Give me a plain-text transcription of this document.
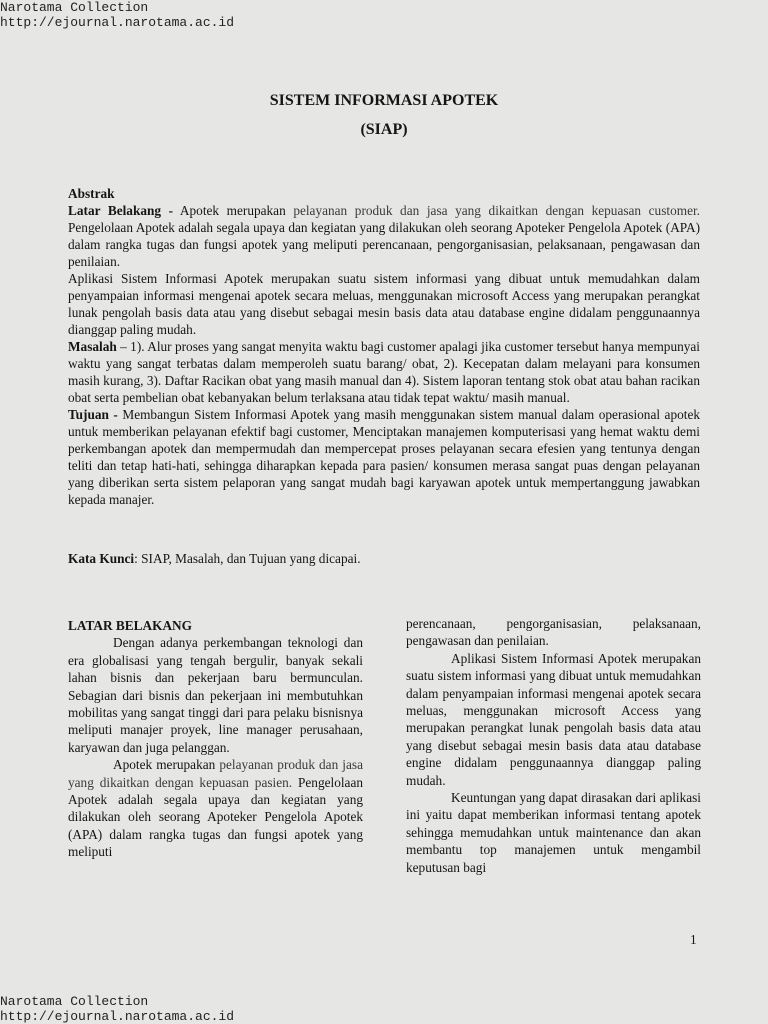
Narotama Collection
http://ejournal.narotama.ac.id
SISTEM INFORMASI APOTEK
(SIAP)

Abstrak

Latar Belakang - Apotek merupakan pelayanan produk dan jasa yang dikaitkan dengan kepuasan customer. Pengelolaan Apotek adalah segala upaya dan kegiatan yang dilakukan oleh seorang Apoteker Pengelola Apotek (APA) dalam rangka tugas dan fungsi apotek yang meliputi perencanaan, pengorganisasian, pelaksanaan, pengawasan dan penilaian.

Aplikasi Sistem Informasi Apotek merupakan suatu sistem informasi yang dibuat untuk memudahkan dalam penyampaian informasi mengenai apotek secara meluas, menggunakan microsoft Access yang merupakan perangkat lunak pengolah basis data atau yang disebut sebagai mesin basis data atau database engine didalam penggunaannya dianggap paling mudah.

Masalah – 1). Alur proses yang sangat menyita waktu bagi customer apalagi jika customer tersebut hanya mempunyai waktu yang sangat terbatas dalam memperoleh suatu barang/ obat, 2). Kecepatan dalam melayani para konsumen masih kurang, 3). Daftar Racikan obat yang masih manual dan 4). Sistem laporan tentang stok obat atau bahan racikan obat serta pembelian obat kebanyakan belum terlaksana atau tidak tepat waktu/ masih manual.

Tujuan - Membangun Sistem Informasi Apotek yang masih menggunakan sistem manual dalam operasional apotek untuk memberikan pelayanan efektif bagi customer, Menciptakan manajemen komputerisasi yang hemat waktu demi perkembangan apotek dan mempermudah dan mempercepat proses pelayanan secara efesien yang tentunya dengan teliti dan tetap hati-hati, sehingga diharapkan kepada para pasien/ konsumen merasa sangat puas dengan pelayanan yang diberikan serta sistem pelaporan yang sangat mudah bagi karyawan apotek untuk mempertanggung jawabkan kepada manajer.

Kata Kunci: SIAP, Masalah, dan Tujuan yang dicapai.

LATAR BELAKANG

Dengan adanya perkembangan teknologi dan era globalisasi yang tengah bergulir, banyak sekali lahan bisnis dan pekerjaan baru bermunculan. Sebagian dari bisnis dan pekerjaan ini membutuhkan mobilitas yang sangat tinggi dari para pelaku bisnisnya meliputi manajer proyek, line manager perusahaan, karyawan dan juga pelanggan.

Apotek merupakan pelayanan produk dan jasa yang dikaitkan dengan kepuasan pasien. Pengelolaan Apotek adalah segala upaya dan kegiatan yang dilakukan oleh seorang Apoteker Pengelola Apotek (APA) dalam rangka tugas dan fungsi apotek yang meliputi

perencanaan, pengorganisasian, pelaksanaan, pengawasan dan penilaian.

Aplikasi Sistem Informasi Apotek merupakan suatu sistem informasi yang dibuat untuk memudahkan dalam penyampaian informasi mengenai apotek secara meluas, menggunakan microsoft Access yang merupakan perangkat lunak pengolah basis data atau yang disebut sebagai mesin basis data atau database engine didalam penggunaannya dianggap paling mudah.

Keuntungan yang dapat dirasakan dari aplikasi ini yaitu dapat memberikan informasi tentang apotek sehingga memudahkan untuk maintenance dan akan membantu top manajemen untuk mengambil keputusan bagi

1
Narotama Collection
http://ejournal.narotama.ac.id
